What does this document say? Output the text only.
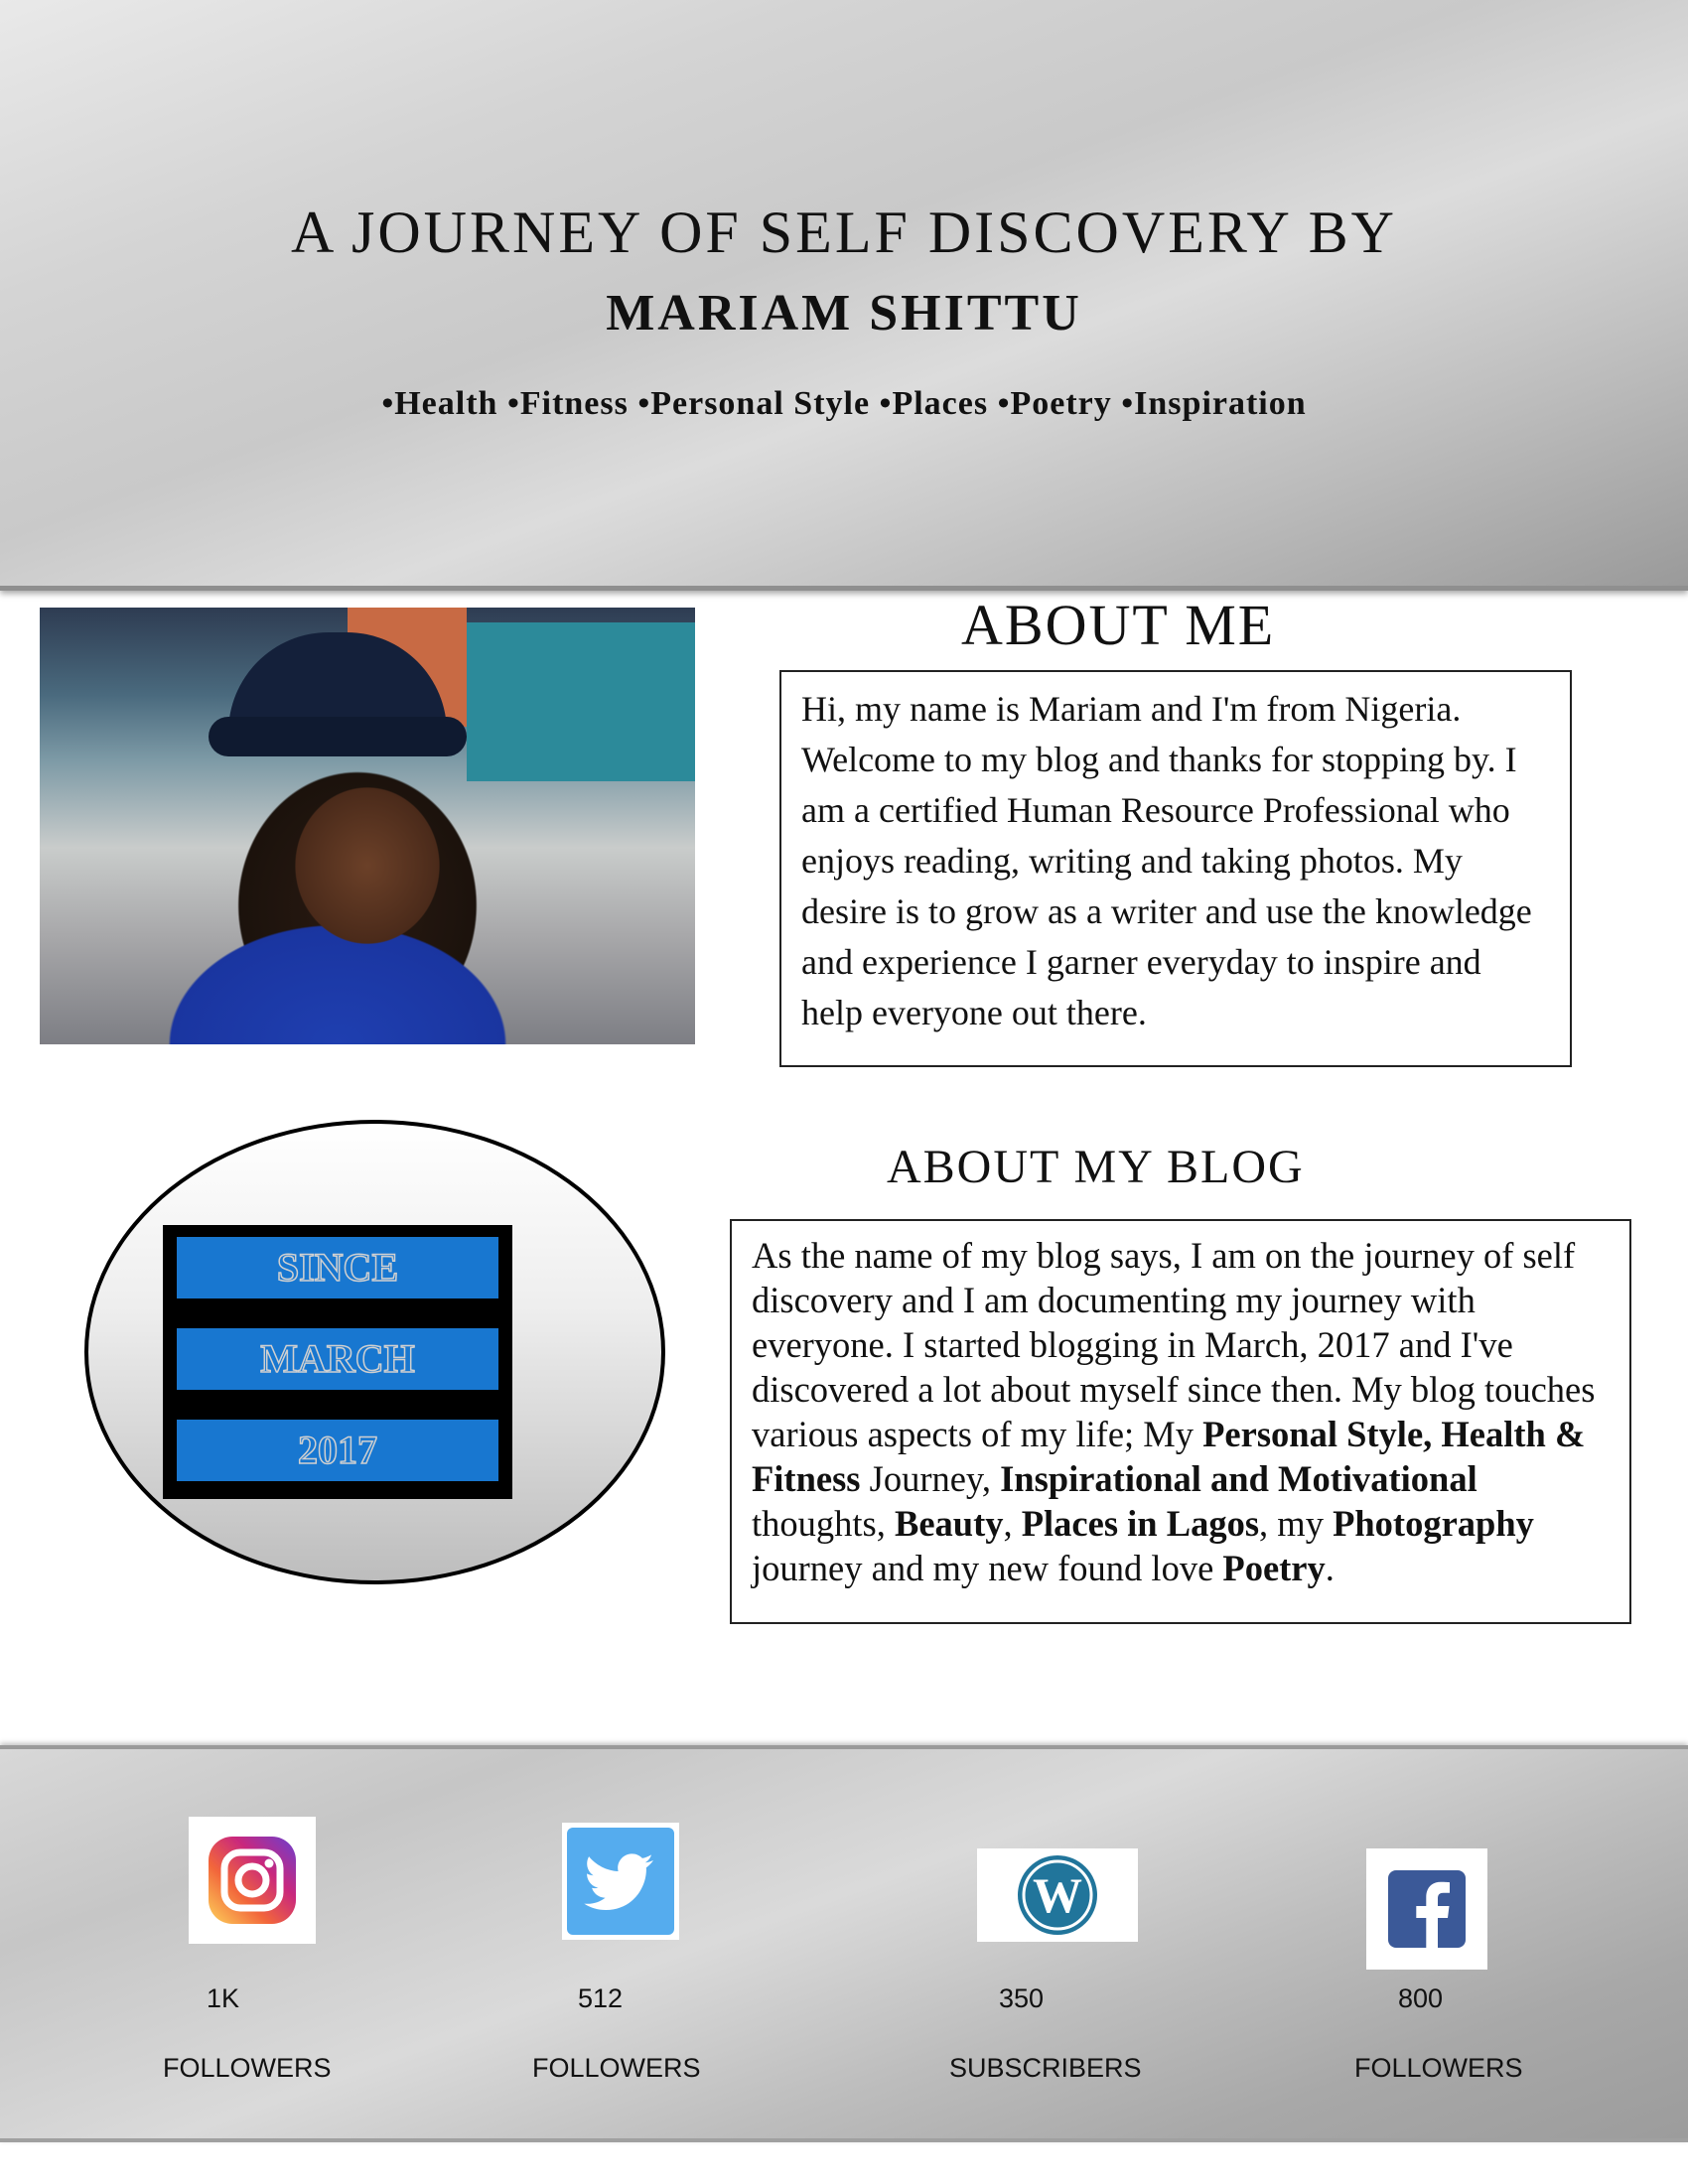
A JOURNEY OF SELF DISCOVERY BY
MARIAM SHITTU
•Health •Fitness •Personal Style •Places •Poetry •Inspiration
ABOUT ME
Hi, my name is Mariam and I'm from Nigeria. Welcome to my blog and thanks for stopping by. I am a certified Human Resource Professional who enjoys reading, writing and taking photos. My desire is to grow as a writer and use the knowledge and experience I garner everyday to inspire and help everyone out there.
SINCE
MARCH
2017
ABOUT MY BLOG
As the name of my blog says, I am on the journey of self discovery and I am documenting my journey with everyone. I started blogging in March, 2017 and I've discovered a lot about myself since then. My blog touches various aspects of my life; My Personal Style, Health & Fitness Journey, Inspirational and Motivational thoughts, Beauty, Places in Lagos, my Photography journey and my new found love Poetry.
1K
FOLLOWERS
512
FOLLOWERS
W
350
SUBSCRIBERS
800
FOLLOWERS
